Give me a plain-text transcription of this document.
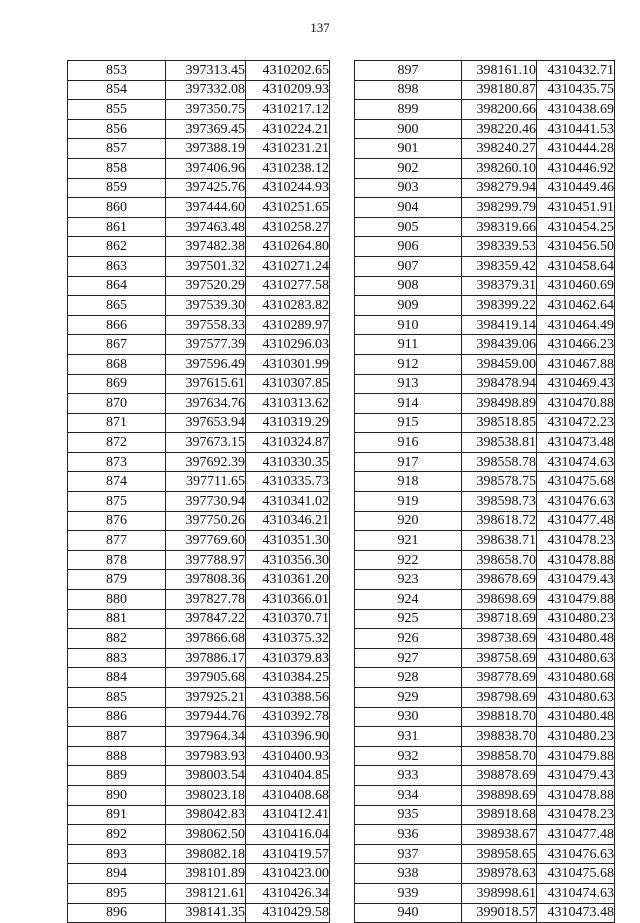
137
853	397313.45	4310202.65
854	397332.08	4310209.93
855	397350.75	4310217.12
856	397369.45	4310224.21
857	397388.19	4310231.21
858	397406.96	4310238.12
859	397425.76	4310244.93
860	397444.60	4310251.65
861	397463.48	4310258.27
862	397482.38	4310264.80
863	397501.32	4310271.24
864	397520.29	4310277.58
865	397539.30	4310283.82
866	397558.33	4310289.97
867	397577.39	4310296.03
868	397596.49	4310301.99
869	397615.61	4310307.85
870	397634.76	4310313.62
871	397653.94	4310319.29
872	397673.15	4310324.87
873	397692.39	4310330.35
874	397711.65	4310335.73
875	397730.94	4310341.02
876	397750.26	4310346.21
877	397769.60	4310351.30
878	397788.97	4310356.30
879	397808.36	4310361.20
880	397827.78	4310366.01
881	397847.22	4310370.71
882	397866.68	4310375.32
883	397886.17	4310379.83
884	397905.68	4310384.25
885	397925.21	4310388.56
886	397944.76	4310392.78
887	397964.34	4310396.90
888	397983.93	4310400.93
889	398003.54	4310404.85
890	398023.18	4310408.68
891	398042.83	4310412.41
892	398062.50	4310416.04
893	398082.18	4310419.57
894	398101.89	4310423.00
895	398121.61	4310426.34
896	398141.35	4310429.58
897	398161.10	4310432.71
898	398180.87	4310435.75
899	398200.66	4310438.69
900	398220.46	4310441.53
901	398240.27	4310444.28
902	398260.10	4310446.92
903	398279.94	4310449.46
904	398299.79	4310451.91
905	398319.66	4310454.25
906	398339.53	4310456.50
907	398359.42	4310458.64
908	398379.31	4310460.69
909	398399.22	4310462.64
910	398419.14	4310464.49
911	398439.06	4310466.23
912	398459.00	4310467.88
913	398478.94	4310469.43
914	398498.89	4310470.88
915	398518.85	4310472.23
916	398538.81	4310473.48
917	398558.78	4310474.63
918	398578.75	4310475.68
919	398598.73	4310476.63
920	398618.72	4310477.48
921	398638.71	4310478.23
922	398658.70	4310478.88
923	398678.69	4310479.43
924	398698.69	4310479.88
925	398718.69	4310480.23
926	398738.69	4310480.48
927	398758.69	4310480.63
928	398778.69	4310480.68
929	398798.69	4310480.63
930	398818.70	4310480.48
931	398838.70	4310480.23
932	398858.70	4310479.88
933	398878.69	4310479.43
934	398898.69	4310478.88
935	398918.68	4310478.23
936	398938.67	4310477.48
937	398958.65	4310476.63
938	398978.63	4310475.68
939	398998.61	4310474.63
940	399018.57	4310473.48
